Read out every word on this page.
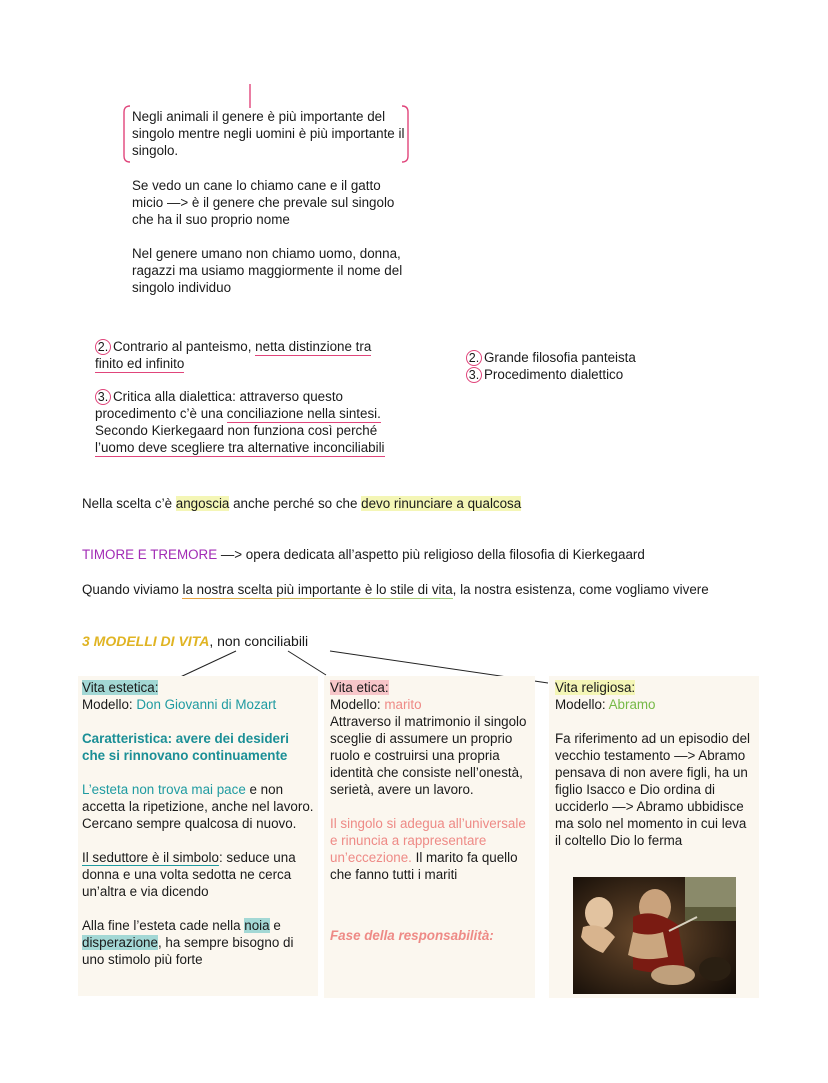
Negli animali il genere è più importante del singolo mentre negli uomini è più importante il singolo.
Se vedo un cane lo chiamo cane e il gatto micio —> è il genere che prevale sul singolo che ha il suo proprio nome
Nel genere umano non chiamo uomo, donna, ragazzi ma usiamo maggiormente il nome del singolo individuo
2. Contrario al panteismo, netta distinzione tra
finito ed infinito
3. Critica alla dialettica: attraverso questo
procedimento c’è una conciliazione nella sintesi.
Secondo Kierkegaard non funziona così perché
l’uomo deve scegliere tra alternative inconciliabili
2. Grande filosofia panteista
3. Procedimento dialettico
Nella scelta c’è angoscia anche perché so che devo rinunciare a qualcosa
TIMORE E TREMORE —> opera dedicata all’aspetto più religioso della filosofia di Kierkegaard
Quando viviamo la nostra scelta più importante è lo stile di vita, la nostra esistenza, come vogliamo vivere
3 MODELLI DI VITA, non conciliabili
Vita estetica:
Modello: Don Giovanni di Mozart
Caratteristica: avere dei desideri che si rinnovano continuamente
L’esteta non trova mai pace e non accetta la ripetizione, anche nel lavoro. Cercano sempre qualcosa di nuovo.
Il seduttore è il simbolo: seduce una donna e una volta sedotta ne cerca un’altra e via dicendo
Alla fine l’esteta cade nella noia e disperazione, ha sempre bisogno di uno stimolo più forte
Vita etica:
Modello: marito
Attraverso il matrimonio il singolo sceglie di assumere un proprio ruolo e costruirsi una propria identità che consiste nell’onestà, serietà, avere un lavoro.
Il singolo si adegua all’universale e rinuncia a rappresentare un’eccezione. Il marito fa quello che fanno tutti i mariti
Fase della responsabilità:
Vita religiosa:
Modello: Abramo
Fa riferimento ad un episodio del vecchio testamento —> Abramo pensava di non avere figli, ha un figlio Isacco e Dio ordina di ucciderlo —> Abramo ubbidisce ma solo nel momento in cui leva il coltello Dio lo ferma
